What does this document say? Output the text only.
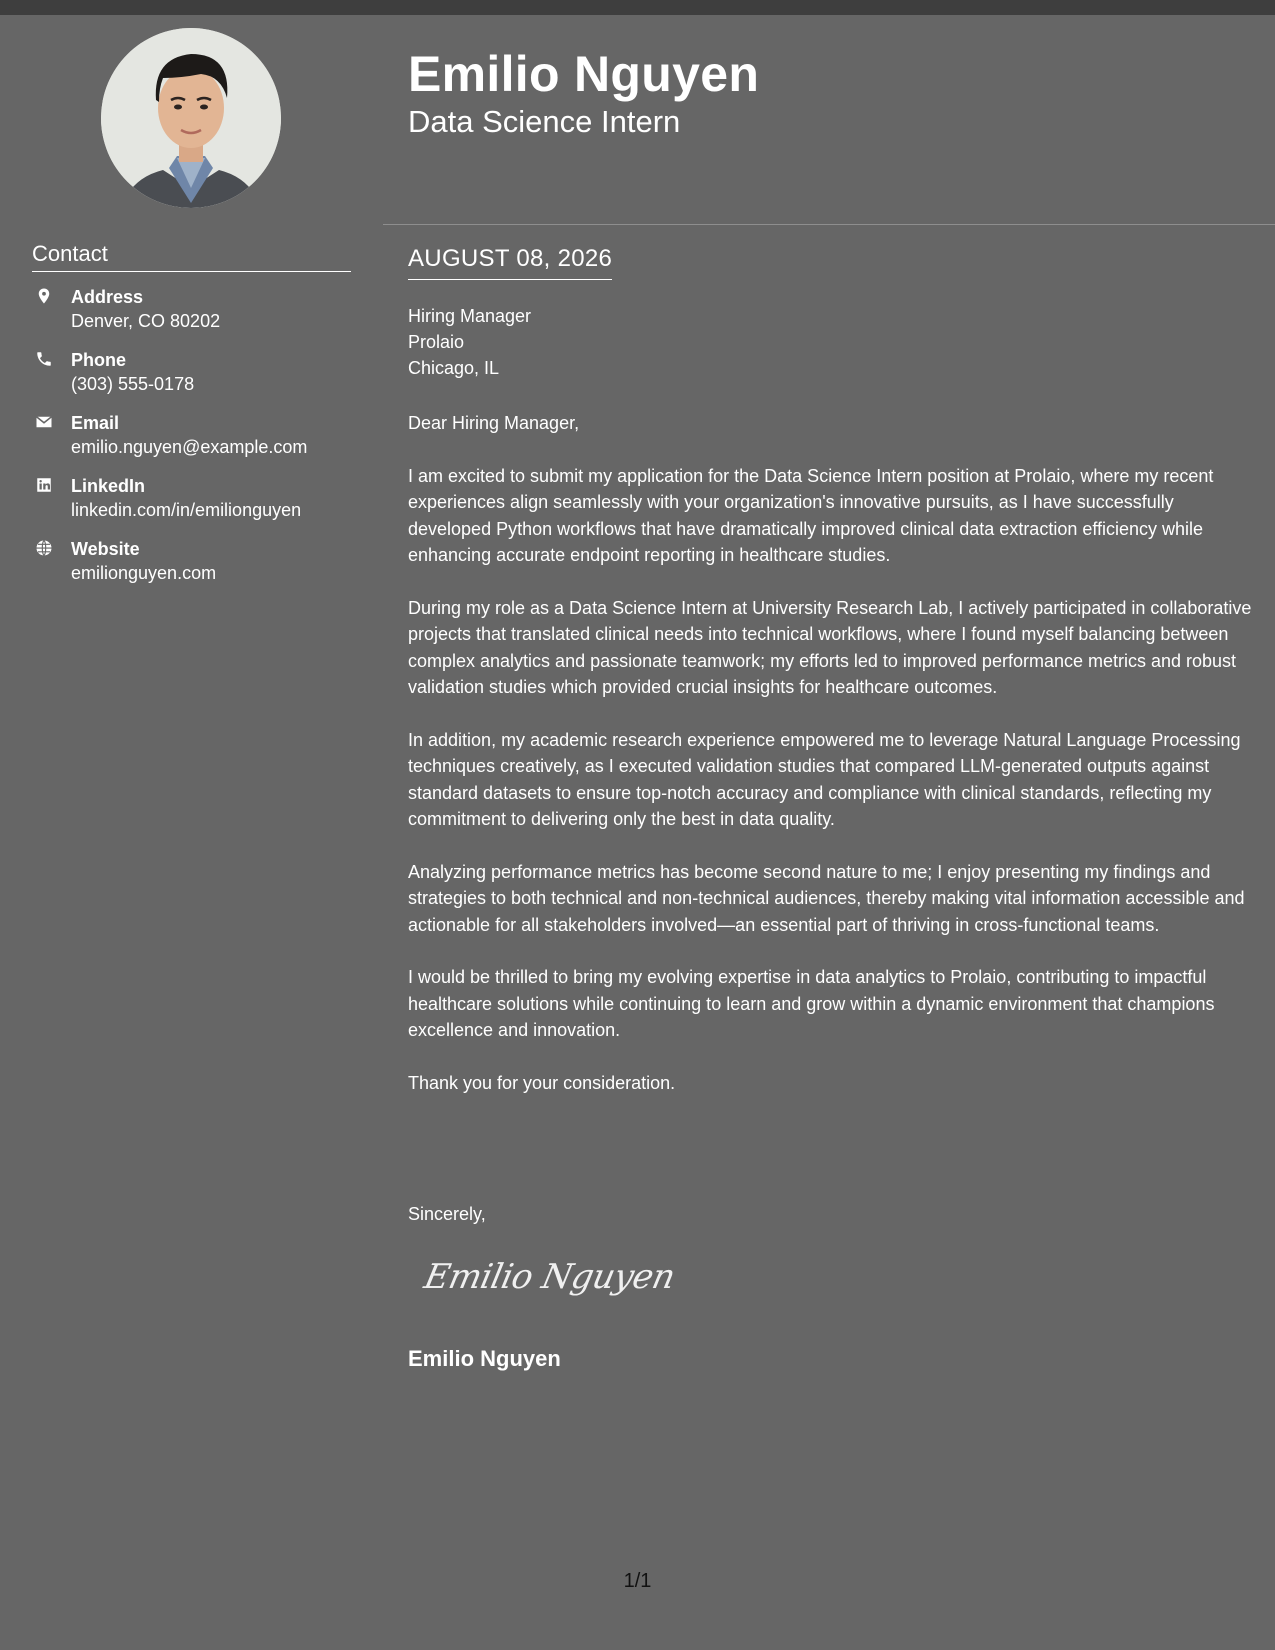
Contact
Address
Denver, CO 80202
Phone
(303) 555-0178
Email
emilio.nguyen@example.com
LinkedIn
linkedin.com/in/emilionguyen
Website
emilionguyen.com
Emilio Nguyen
Data Science Intern
AUGUST 08, 2026
Hiring Manager
Prolaio
Chicago, IL

Dear Hiring Manager,

I am excited to submit my application for the Data Science Intern position at Prolaio, where my recent experiences align seamlessly with your organization's innovative pursuits, as I have successfully developed Python workflows that have dramatically improved clinical data extraction efficiency while enhancing accurate endpoint reporting in healthcare studies.

During my role as a Data Science Intern at University Research Lab, I actively participated in collaborative projects that translated clinical needs into technical workflows, where I found myself balancing between complex analytics and passionate teamwork; my efforts led to improved performance metrics and robust validation studies which provided crucial insights for healthcare outcomes.

In addition, my academic research experience empowered me to leverage Natural Language Processing techniques creatively, as I executed validation studies that compared LLM-generated outputs against standard datasets to ensure top-notch accuracy and compliance with clinical standards, reflecting my commitment to delivering only the best in data quality.

Analyzing performance metrics has become second nature to me; I enjoy presenting my findings and strategies to both technical and non-technical audiences, thereby making vital information accessible and actionable for all stakeholders involved—an essential part of thriving in cross-functional teams.

I would be thrilled to bring my evolving expertise in data analytics to Prolaio, contributing to impactful healthcare solutions while continuing to learn and grow within a dynamic environment that champions excellence and innovation.

Thank you for your consideration.

Sincerely,
Emilio Nguyen
Emilio Nguyen
1/1
